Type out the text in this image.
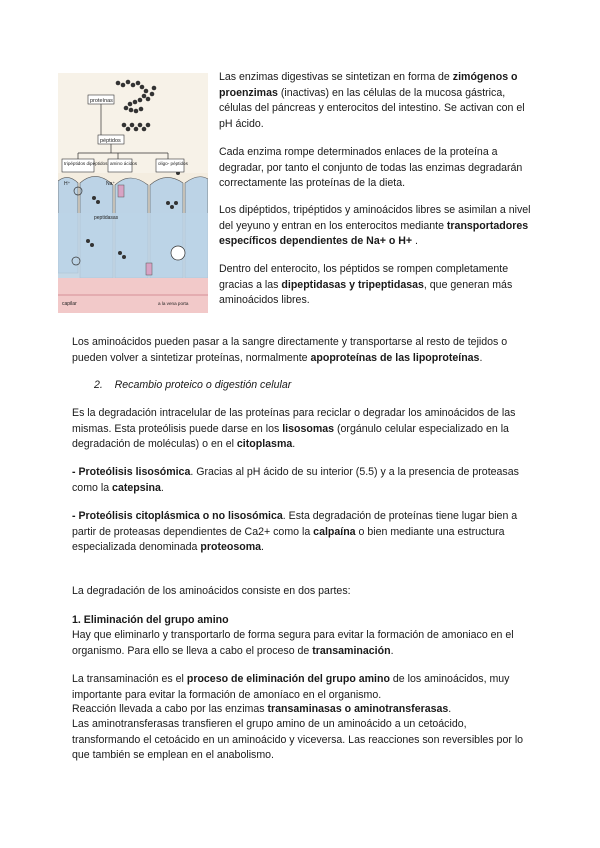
proteínas
péptidos
tripéptidos dipéptidos amino ácidos	oligo- péptidos
H⁺	Na⁺
peptidasas
capilar	a la vena porta

Las enzimas digestivas se sintetizan en forma de zimógenos o proenzimas (inactivas) en las células de la mucosa gástrica, células del páncreas y enterocitos del intestino. Se activan con el pH ácido.

Cada enzima rompe determinados enlaces de la proteína a degradar, por tanto el conjunto de todas las enzimas degradarán correctamente las proteínas de la dieta.

Los dipéptidos, tripéptidos y aminoácidos libres se asimilan a nivel del yeyuno y entran en los enterocitos mediante transportadores específicos dependientes de Na+ o H+ .

Dentro del enterocito, los péptidos se rompen completamente gracias a las dipeptidasas y tripeptidasas, que generan más aminoácidos libres.

Los aminoácidos pueden pasar a la sangre directamente y transportarse al resto de tejidos o pueden volver a sintetizar proteínas, normalmente apoproteínas de las lipoproteínas.

2.    Recambio proteico o digestión celular

Es la degradación intracelular de las proteínas para reciclar o degradar los aminoácidos de las mismas. Esta proteólisis puede darse en los lisosomas (orgánulo celular especializado en la degradación de moléculas) o en el citoplasma.

- Proteólisis lisosómica. Gracias al pH ácido de su interior (5.5) y a la presencia de proteasas como la catepsina.

- Proteólisis citoplásmica o no lisosómica. Esta degradación de proteínas tiene lugar bien a partir de proteasas dependientes de Ca2+ como la calpaína o bien mediante una estructura especializada denominada proteosoma.

La degradación de los aminoácidos consiste en dos partes:

1. Eliminación del grupo amino

Hay que eliminarlo y transportarlo de forma segura para evitar la formación de amoniaco en el organismo. Para ello se lleva a cabo el proceso de transaminación.

La transaminación es el proceso de eliminación del grupo amino de los aminoácidos, muy importante para evitar la formación de amoníaco en el organismo.

Reacción llevada a cabo por las enzimas transaminasas o aminotransferasas.

Las aminotransferasas transfieren el grupo amino de un aminoácido a un cetoácido, transformando el cetoácido en un aminoácido y viceversa. Las reacciones son reversibles por lo que también se emplean en el anabolismo.
